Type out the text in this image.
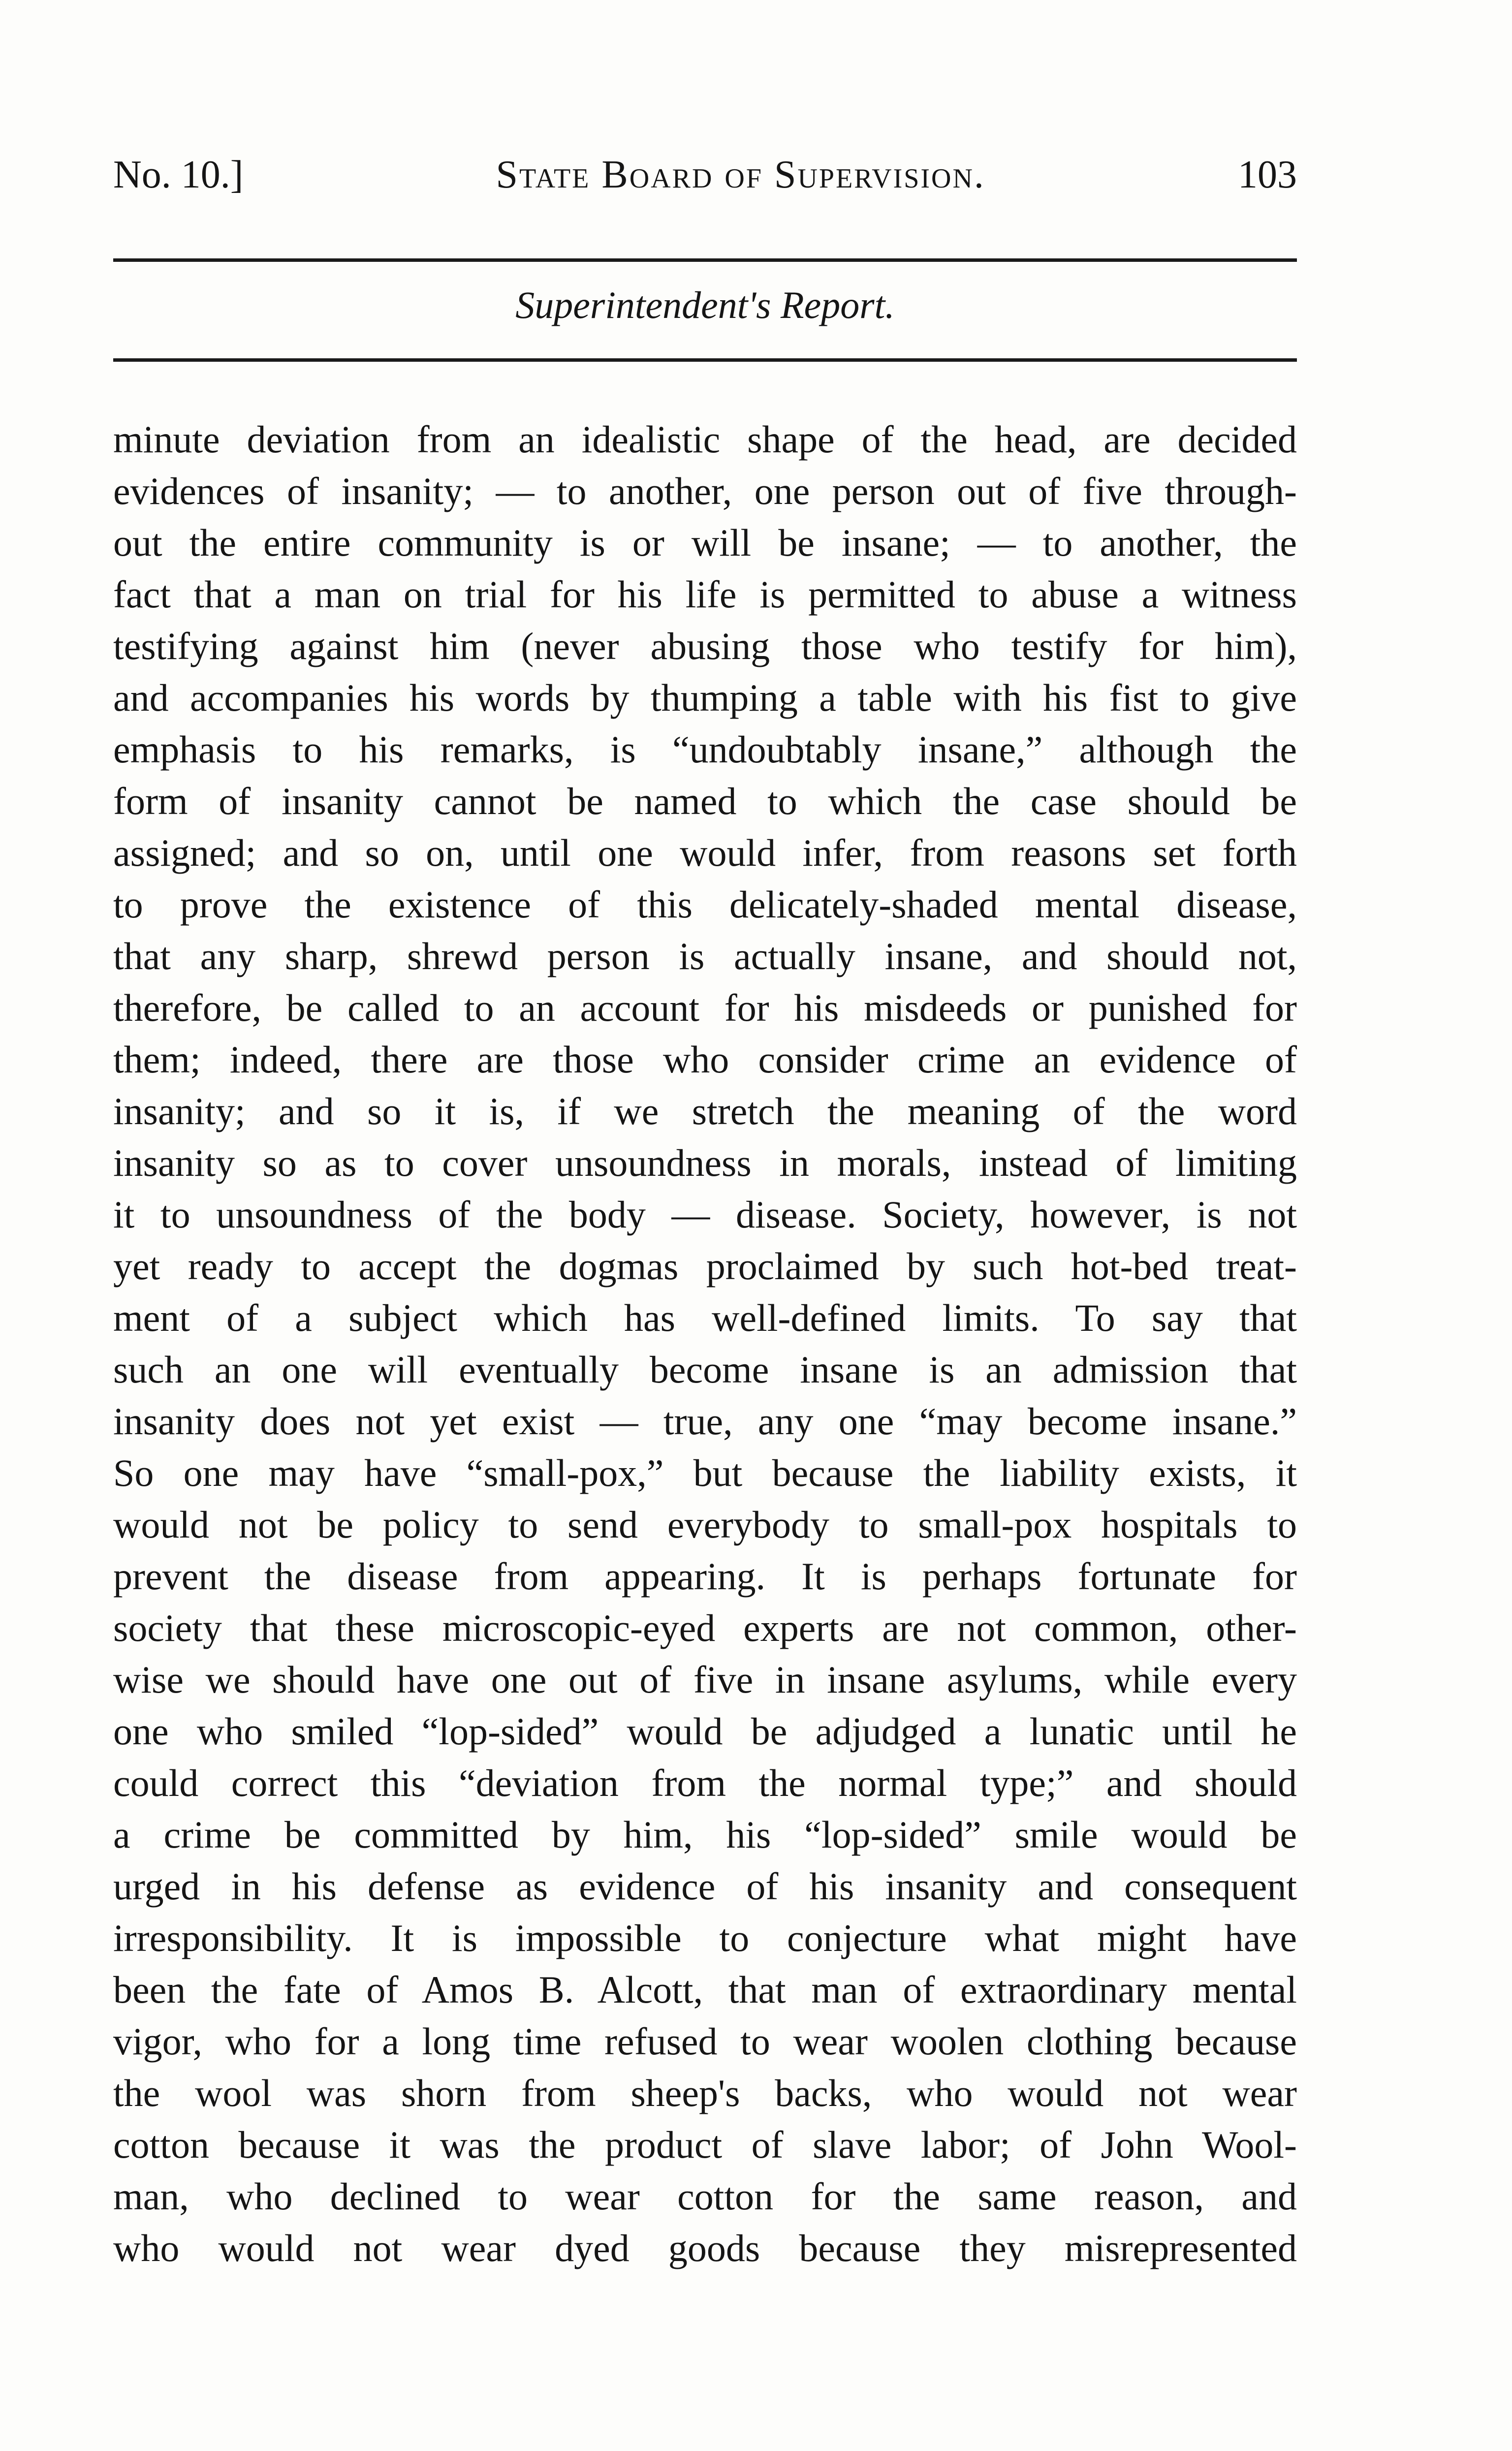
No. 10.]	State Board of Supervision.	103
Superintendent's Report.
minute deviation from an idealistic shape of the head, are decided
evidences of insanity; — to another, one person out of five through-
out the entire community is or will be insane; — to another, the
fact that a man on trial for his life is permitted to abuse a witness
testifying against him (never abusing those who testify for him),
and accompanies his words by thumping a table with his fist to give
emphasis to his remarks, is “undoubtably insane,” although the
form of insanity cannot be named to which the case should be
assigned; and so on, until one would infer, from reasons set forth
to prove the existence of this delicately-shaded mental disease,
that any sharp, shrewd person is actually insane, and should not,
therefore, be called to an account for his misdeeds or punished for
them; indeed, there are those who consider crime an evidence of
insanity; and so it is, if we stretch the meaning of the word
insanity so as to cover unsoundness in morals, instead of limiting
it to unsoundness of the body — disease. Society, however, is not
yet ready to accept the dogmas proclaimed by such hot-bed treat-
ment of a subject which has well-defined limits. To say that
such an one will eventually become insane is an admission that
insanity does not yet exist — true, any one “may become insane.”
So one may have “small-pox,” but because the liability exists, it
would not be policy to send everybody to small-pox hospitals to
prevent the disease from appearing. It is perhaps fortunate for
society that these microscopic-eyed experts are not common, other-
wise we should have one out of five in insane asylums, while every
one who smiled “lop-sided” would be adjudged a lunatic until he
could correct this “deviation from the normal type;” and should
a crime be committed by him, his “lop-sided” smile would be
urged in his defense as evidence of his insanity and consequent
irresponsibility. It is impossible to conjecture what might have
been the fate of Amos B. Alcott, that man of extraordinary mental
vigor, who for a long time refused to wear woolen clothing because
the wool was shorn from sheep's backs, who would not wear
cotton because it was the product of slave labor; of John Wool-
man, who declined to wear cotton for the same reason, and
who would not wear dyed goods because they misrepresented
